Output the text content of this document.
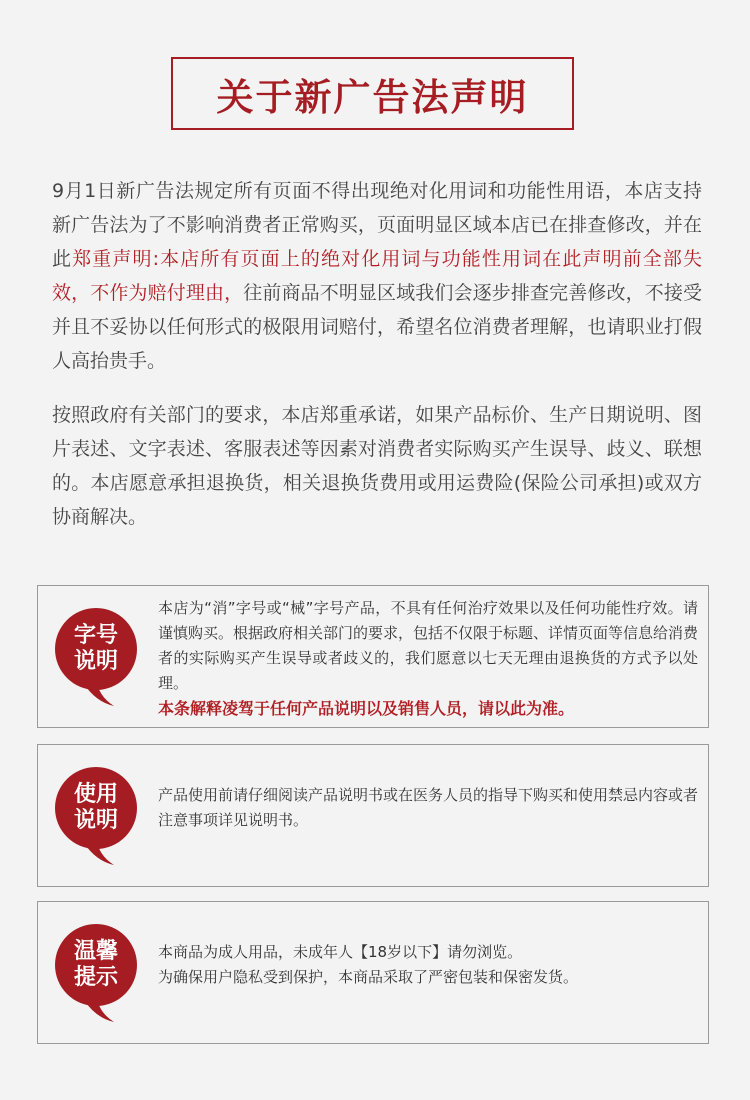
关于新广告法声明

9月1日新广告法规定所有页面不得出现绝对化用词和功能性用语，本店支持新广告法为了不影响消费者正常购买，页面明显区域本店已在排查修改，并在此郑重声明:本店所有页面上的绝对化用词与功能性用词在此声明前全部失效，不作为赔付理由，往前商品不明显区域我们会逐步排查完善修改，不接受并且不妥协以任何形式的极限用词赔付，希望名位消费者理解，也请职业打假人高抬贵手。

按照政府有关部门的要求，本店郑重承诺，如果产品标价、生产日期说明、图片表述、文字表述、客服表述等因素对消费者实际购买产生误导、歧义、联想的。本店愿意承担退换货，相关退换货费用或用运费险(保险公司承担)或双方协商解决。

字号
说明

本店为“消”字号或“械”字号产品，不具有任何治疗效果以及任何功能性疗效。请谨慎购买。根据政府相关部门的要求，包括不仅限于标题、详情页面等信息给消费者的实际购买产生误导或者歧义的，我们愿意以七天无理由退换货的方式予以处理。
本条解释凌驾于任何产品说明以及销售人员，请以此为准。

使用
说明

产品使用前请仔细阅读产品说明书或在医务人员的指导下购买和使用禁忌内容或者注意事项详见说明书。

温馨
提示

本商品为成人用品，未成年人【18岁以下】请勿浏览。
为确保用户隐私受到保护，本商品采取了严密包装和保密发货。
